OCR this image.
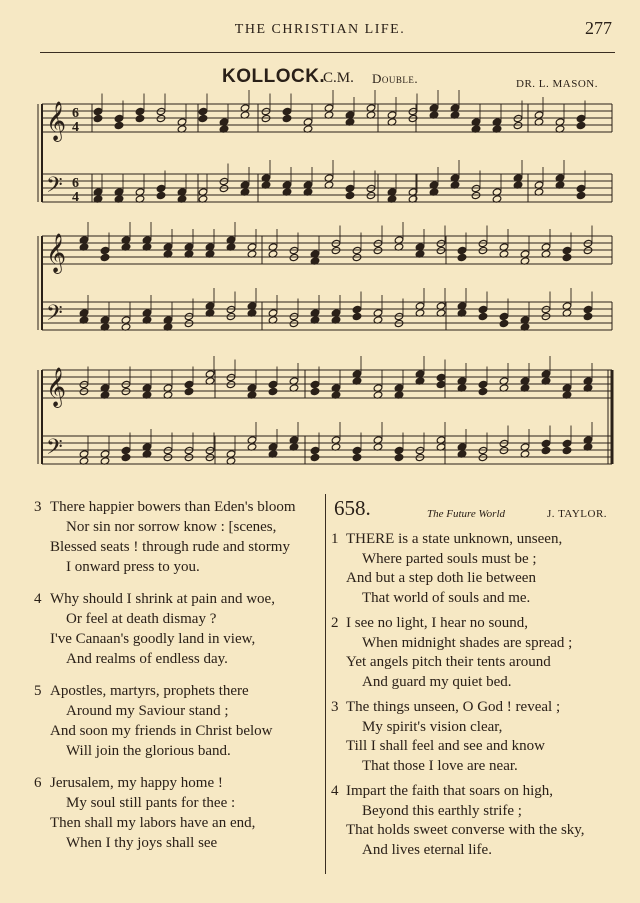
THE CHRISTIAN LIFE.	277
KOLLOCK.
C.M. Double.	DR. L. MASON.
𝄞
𝄢
6
4
6
4
𝄞
𝄢
𝄞
𝄢
3 There happier bowers than Eden's bloom
Nor sin nor sorrow know : [scenes,
Blessed seats ! through rude and stormy
I onward press to you.
4 Why should I shrink at pain and woe,
Or feel at death dismay ?
I've Canaan's goodly land in view,
And realms of endless day.
5 Apostles, martyrs, prophets there
Around my Saviour stand ;
And soon my friends in Christ below
Will join the glorious band.
6 Jerusalem, my happy home !
My soul still pants for thee :
Then shall my labors have an end,
When I thy joys shall see
658.	The Future World	J. TAYLOR.
1 THERE is a state unknown, unseen,
Where parted souls must be ;
And but a step doth lie between
That world of souls and me.
2 I see no light, I hear no sound,
When midnight shades are spread ;
Yet angels pitch their tents around
And guard my quiet bed.
3 The things unseen, O God ! reveal ;
My spirit's vision clear,
Till I shall feel and see and know
That those I love are near.
4 Impart the faith that soars on high,
Beyond this earthly strife ;
That holds sweet converse with the sky,
And lives eternal life.
